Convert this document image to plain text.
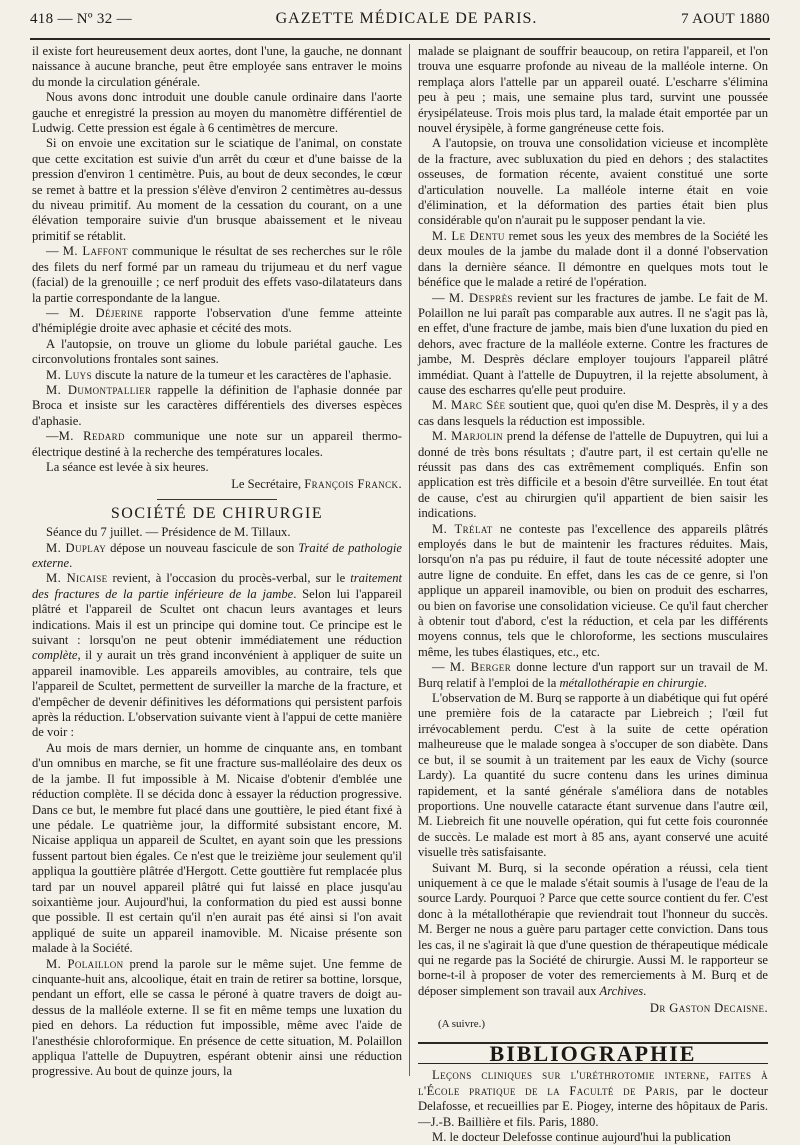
418 — Nº 32 —	GAZETTE MÉDICALE DE PARIS.	7 AOUT 1880

il existe fort heureusement deux aortes, dont l'une, la gauche, ne donnant naissance à aucune branche, peut être employée sans entraver le moins du monde la circulation générale.

Nous avons donc introduit une double canule ordinaire dans l'aorte gauche et enregistré la pression au moyen du manomètre différentiel de Ludwig. Cette pression est égale à 6 centimètres de mercure.

Si on envoie une excitation sur le sciatique de l'animal, on constate que cette excitation est suivie d'un arrêt du cœur et d'une baisse de la pression d'environ 1 centimètre. Puis, au bout de deux secondes, le cœur se remet à battre et la pression s'élève d'environ 2 centimètres au-dessus du niveau primitif. Au moment de la cessation du courant, on a une élévation temporaire suivie d'un brusque abaissement et le niveau primitif se rétablit.

— M. Laffont communique le résultat de ses recherches sur le rôle des filets du nerf formé par un rameau du trijumeau et du nerf vague (facial) de la grenouille ; ce nerf produit des effets vaso-dilatateurs dans la partie correspondante de la langue.

— M. Déjerine rapporte l'observation d'une femme atteinte d'hémiplégie droite avec aphasie et cécité des mots.

A l'autopsie, on trouve un gliome du lobule pariétal gauche. Les circonvolutions frontales sont saines.

M. Luys discute la nature de la tumeur et les caractères de l'aphasie.

M. Dumontpallier rappelle la définition de l'aphasie donnée par Broca et insiste sur les caractères différentiels des diverses espèces d'aphasie.

—M. Redard communique une note sur un appareil thermo-électrique destiné à la recherche des températures locales.

La séance est levée à six heures.

Le Secrétaire, François Franck.

SOCIÉTÉ DE CHIRURGIE

Séance du 7 juillet. — Présidence de M. Tillaux.

M. Duplay dépose un nouveau fascicule de son Traité de pathologie externe.

M. Nicaise revient, à l'occasion du procès-verbal, sur le traitement des fractures de la partie inférieure de la jambe. Selon lui l'appareil plâtré et l'appareil de Scultet ont chacun leurs avantages et leurs indications. Mais il est un principe qui domine tout. Ce principe est le suivant : lorsqu'on ne peut obtenir immédiatement une réduction complète, il y aurait un très grand inconvénient à appliquer de suite un appareil inamovible. Les appareils amovibles, au contraire, tels que l'appareil de Scultet, permettent de surveiller la marche de la fracture, et d'empêcher de devenir définitives les déformations qui persistent parfois après la réduction. L'observation suivante vient à l'appui de cette manière de voir :

Au mois de mars dernier, un homme de cinquante ans, en tombant d'un omnibus en marche, se fit une fracture sus-malléolaire des deux os de la jambe. Il fut impossible à M. Nicaise d'obtenir d'emblée une réduction complète. Il se décida donc à essayer la réduction progressive. Dans ce but, le membre fut placé dans une gouttière, le pied étant fixé à une pédale. Le quatrième jour, la difformité subsistant encore, M. Nicaise appliqua un appareil de Scultet, en ayant soin que les pressions fussent partout bien égales. Ce n'est que le treizième jour seulement qu'il appliqua la gouttière plâtrée d'Hergott. Cette gouttière fut remplacée plus tard par un nouvel appareil plâtré qui fut laissé en place jusqu'au soixantième jour. Aujourd'hui, la conformation du pied est aussi bonne que possible. Il est certain qu'il n'en aurait pas été ainsi si l'on avait appliqué de suite un appareil inamovible. M. Nicaise présente son malade à la Société.

M. Polaillon prend la parole sur le même sujet. Une femme de cinquante-huit ans, alcoolique, était en train de retirer sa bottine, lorsque, pendant un effort, elle se cassa le péroné à quatre travers de doigt au-dessus de la malléole externe. Il se fit en même temps une luxation du pied en dehors. La réduction fut impossible, même avec l'aide de l'anesthésie chloroformique. En présence de cette situation, M. Polaillon appliqua l'attelle de Dupuytren, espérant obtenir ainsi une réduction progressive. Au bout de quinze jours, la

malade se plaignant de souffrir beaucoup, on retira l'appareil, et l'on trouva une esquarre profonde au niveau de la malléole interne. On remplaça alors l'attelle par un appareil ouaté. L'escharre s'élimina peu à peu ; mais, une semaine plus tard, survint une poussée érysipélateuse. Trois mois plus tard, la malade était emportée par un nouvel érysipèle, à forme gangréneuse cette fois.

A l'autopsie, on trouva une consolidation vicieuse et incomplète de la fracture, avec subluxation du pied en dehors ; des stalactites osseuses, de formation récente, avaient constitué une sorte d'articulation nouvelle. La malléole interne était en voie d'élimination, et la déformation des parties était bien plus considérable qu'on n'aurait pu le supposer pendant la vie.

M. Le Dentu remet sous les yeux des membres de la Société les deux moules de la jambe du malade dont il a donné l'observation dans la dernière séance. Il démontre en quelques mots tout le bénéfice que le malade a retiré de l'opération.

— M. Desprès revient sur les fractures de jambe. Le fait de M. Polaillon ne lui paraît pas comparable aux autres. Il ne s'agit pas là, en effet, d'une fracture de jambe, mais bien d'une luxation du pied en dehors, avec fracture de la malléole externe. Contre les fractures de jambe, M. Desprès déclare employer toujours l'appareil plâtré immédiat. Quant à l'attelle de Dupuytren, il la rejette absolument, à cause des escharres qu'elle peut produire.

M. Marc Sée soutient que, quoi qu'en dise M. Desprès, il y a des cas dans lesquels la réduction est impossible.

M. Marjolin prend la défense de l'attelle de Dupuytren, qui lui a donné de très bons résultats ; d'autre part, il est certain qu'elle ne réussit pas dans des cas extrêmement compliqués. Enfin son application est très difficile et a besoin d'être surveillée. En tout état de cause, c'est au chirurgien qu'il appartient de bien saisir les indications.

M. Trélat ne conteste pas l'excellence des appareils plâtrés employés dans le but de maintenir les fractures réduites. Mais, lorsqu'on n'a pas pu réduire, il faut de toute nécessité adopter une autre ligne de conduite. En effet, dans les cas de ce genre, si l'on applique un appareil inamovible, ou bien on produit des escharres, ou bien on favorise une consolidation vicieuse. Ce qu'il faut chercher à obtenir tout d'abord, c'est la réduction, et cela par les différents moyens connus, tels que le chloroforme, les sections musculaires même, les tubes élastiques, etc., etc.

— M. Berger donne lecture d'un rapport sur un travail de M. Burq relatif à l'emploi de la métallothérapie en chirurgie.

L'observation de M. Burq se rapporte à un diabétique qui fut opéré une première fois de la cataracte par Liebreich ; l'œil fut irrévocablement perdu. C'est à la suite de cette opération malheureuse que le malade songea à s'occuper de son diabète. Dans ce but, il se soumit à un traitement par les eaux de Vichy (source Lardy). La quantité du sucre contenu dans les urines diminua rapidement, et la santé générale s'améliora dans de notables proportions. Une nouvelle cataracte étant survenue dans l'autre œil, M. Liebreich fit une nouvelle opération, qui fut cette fois couronnée de succès. Le malade est mort à 85 ans, ayant conservé une acuité visuelle très satisfaisante.

Suivant M. Burq, si la seconde opération a réussi, cela tient uniquement à ce que le malade s'était soumis à l'usage de l'eau de la source Lardy. Pourquoi ? Parce que cette source contient du fer. C'est donc à la métallothérapie que reviendrait tout l'honneur du succès. M. Berger ne nous a guère paru partager cette conviction. Dans tous les cas, il ne s'agirait là que d'une question de thérapeutique médicale qui ne regarde pas la Société de chirurgie. Aussi M. le rapporteur se borne-t-il à proposer de voter des remerciements à M. Burq et de déposer simplement son travail aux Archives.

Dr Gaston Decaisne.

(A suivre.)

BIBLIOGRAPHIE

Leçons cliniques sur l'uréthrotomie interne, faites à l'École pratique de la Faculté de Paris, par le docteur Delafosse, et recueillies par E. Piogey, interne des hôpitaux de Paris. —J.-B. Baillière et fils. Paris, 1880.

M. le docteur Delefosse continue aujourd'hui la publication
